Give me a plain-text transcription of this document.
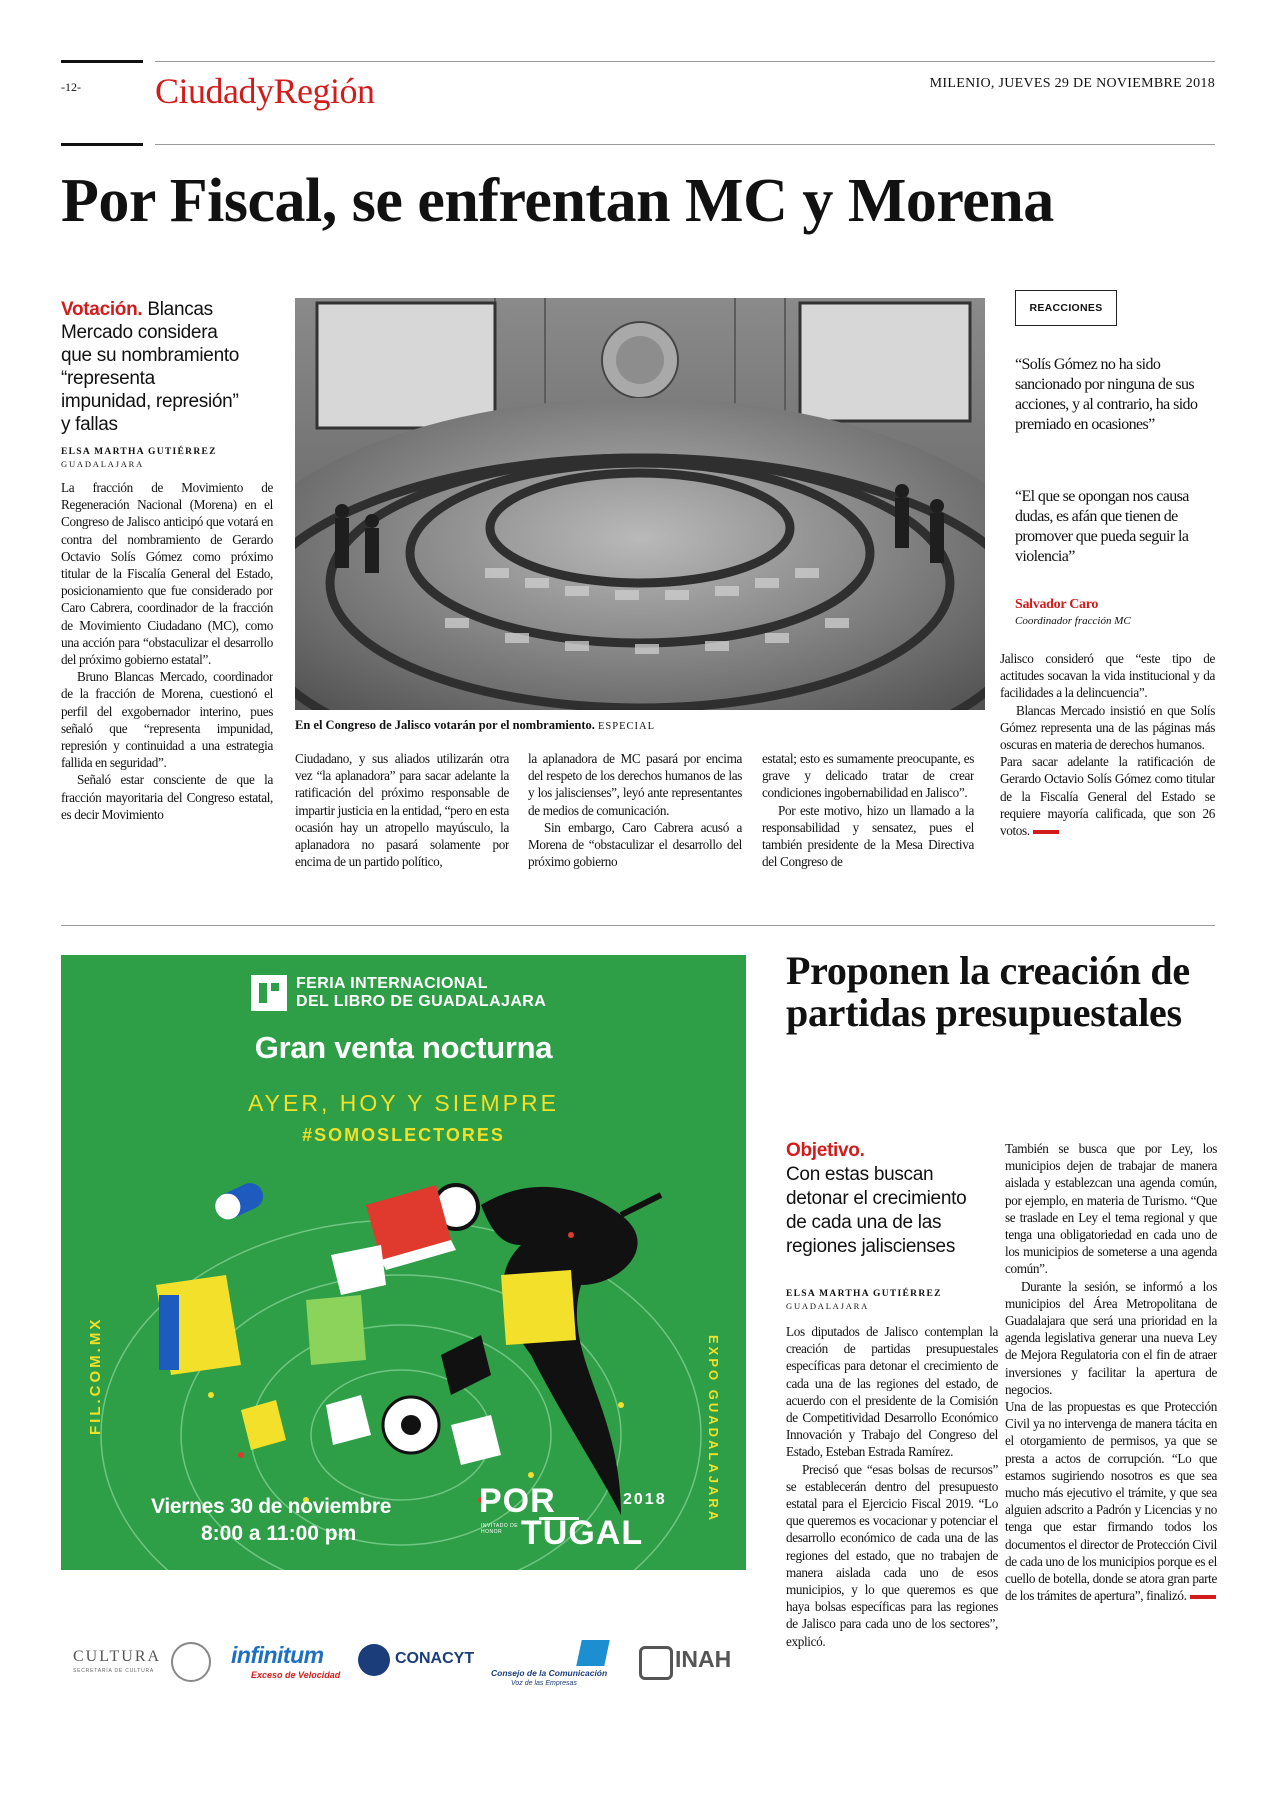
-12- CiudadyRegión	MILENIO, JUEVES 29 DE NOVIEMBRE 2018
Por Fiscal, se enfrentan MC y Morena
Votación. Blancas Mercado considera que su nombramiento “representa impunidad, represión” y fallas
ELSA MARTHA GUTIÉRREZ
GUADALAJARA

La fracción de Movimiento de Regeneración Nacional (Morena) en el Congreso de Jalisco anticipó que votará en contra del nombramiento de Gerardo Octavio Solís Gómez como próximo titular de la Fiscalía General del Estado, posicionamiento que fue considerado por Caro Cabrera, coordinador de la fracción de Movimiento Ciudadano (MC), como una acción para “obstaculizar el desarrollo del próximo gobierno estatal”.

Bruno Blancas Mercado, coordinador de la fracción de Morena, cuestionó el perfil del exgobernador interino, pues señaló que “representa impunidad, represión y continuidad a una estrategia fallida en seguridad”.

Señaló estar consciente de que la fracción mayoritaria del Congreso estatal, es decir Movimiento

En el Congreso de Jalisco votarán por el nombramiento. ESPECIAL

Ciudadano, y sus aliados utilizarán otra vez “la aplanadora” para sacar adelante la ratificación del próximo responsable de impartir justicia en la entidad, “pero en esta ocasión hay un atropello mayúsculo, la aplanadora no pasará solamente por encima de un partido político,

la aplanadora de MC pasará por encima del respeto de los derechos humanos de las y los jaliscienses”, leyó ante representantes de medios de comunicación.

Sin embargo, Caro Cabrera acusó a Morena de “obstaculizar el desarrollo del próximo gobierno

estatal; esto es sumamente preocupante, es grave y delicado tratar de crear condiciones ingobernabilidad en Jalisco”.

Por este motivo, hizo un llamado a la responsabilidad y sensatez, pues el también presidente de la Mesa Directiva del Congreso de

REACCIONES
“Solís Gómez no ha sido sancionado por ninguna de sus acciones, y al contrario, ha sido premiado en ocasiones”
“El que se opongan nos causa dudas, es afán que tienen de promover que pueda seguir la violencia”
Salvador Caro
Coordinador fracción MC

Jalisco consideró que “este tipo de actitudes socavan la vida institucional y da facilidades a la delincuencia”.

Blancas Mercado insistió en que Solís Gómez representa una de las páginas más oscuras en materia de derechos humanos.

Para sacar adelante la ratificación de Gerardo Octavio Solís Gómez como titular de la Fiscalía General del Estado se requiere mayoría calificada, que son 26 votos.

FERIA INTERNACIONAL
DEL LIBRO DE GUADALAJARA
Gran venta nocturna
AYER, HOY Y SIEMPRE
#SOMOSLECTORES
FIL.COM.MX	EXPO GUADALAJARA
Viernes 30 de noviembre
8:00 a 11:00 pm
POR
TUGAL
2018
INVITADO DE HONOR
CULTURA
SECRETARÍA DE CULTURA
infinitum
Exceso de Velocidad
CONACYT
Consejo de la Comunicación
Voz de las Empresas
INAH
Proponen la creación de partidas presupuestales
Objetivo.
Con estas buscan detonar el crecimiento de cada una de las regiones jaliscienses
ELSA MARTHA GUTIÉRREZ
GUADALAJARA

Los diputados de Jalisco contemplan la creación de partidas presupuestales específicas para detonar el crecimiento de cada una de las regiones del estado, de acuerdo con el presidente de la Comisión de Competitividad Desarrollo Económico Innovación y Trabajo del Congreso del Estado, Esteban Estrada Ramírez.

Precisó que “esas bolsas de recursos” se establecerán dentro del presupuesto estatal para el Ejercicio Fiscal 2019. “Lo que queremos es vocacionar y potenciar el desarrollo económico de cada una de las regiones del estado, que no trabajen de manera aislada cada uno de esos municipios, y lo que queremos es que haya bolsas específicas para las regiones de Jalisco para cada uno de los sectores”, explicó.

También se busca que por Ley, los municipios dejen de trabajar de manera aislada y establezcan una agenda común, por ejemplo, en materia de Turismo. “Que se traslade en Ley el tema regional y que tenga una obligatoriedad en cada uno de los municipios de someterse a una agenda común”.

Durante la sesión, se informó a los municipios del Área Metropolitana de Guadalajara que será una prioridad en la agenda legislativa generar una nueva Ley de Mejora Regulatoria con el fin de atraer inversiones y facilitar la apertura de negocios.

Una de las propuestas es que Protección Civil ya no intervenga de manera tácita en el otorgamiento de permisos, ya que se presta a actos de corrupción. “Lo que estamos sugiriendo nosotros es que sea mucho más ejecutivo el trámite, y que sea alguien adscrito a Padrón y Licencias y no tenga que estar firmando todos los documentos el director de Protección Civil de cada uno de los municipios porque es el cuello de botella, donde se atora gran parte de los trámites de apertura”, finalizó.
